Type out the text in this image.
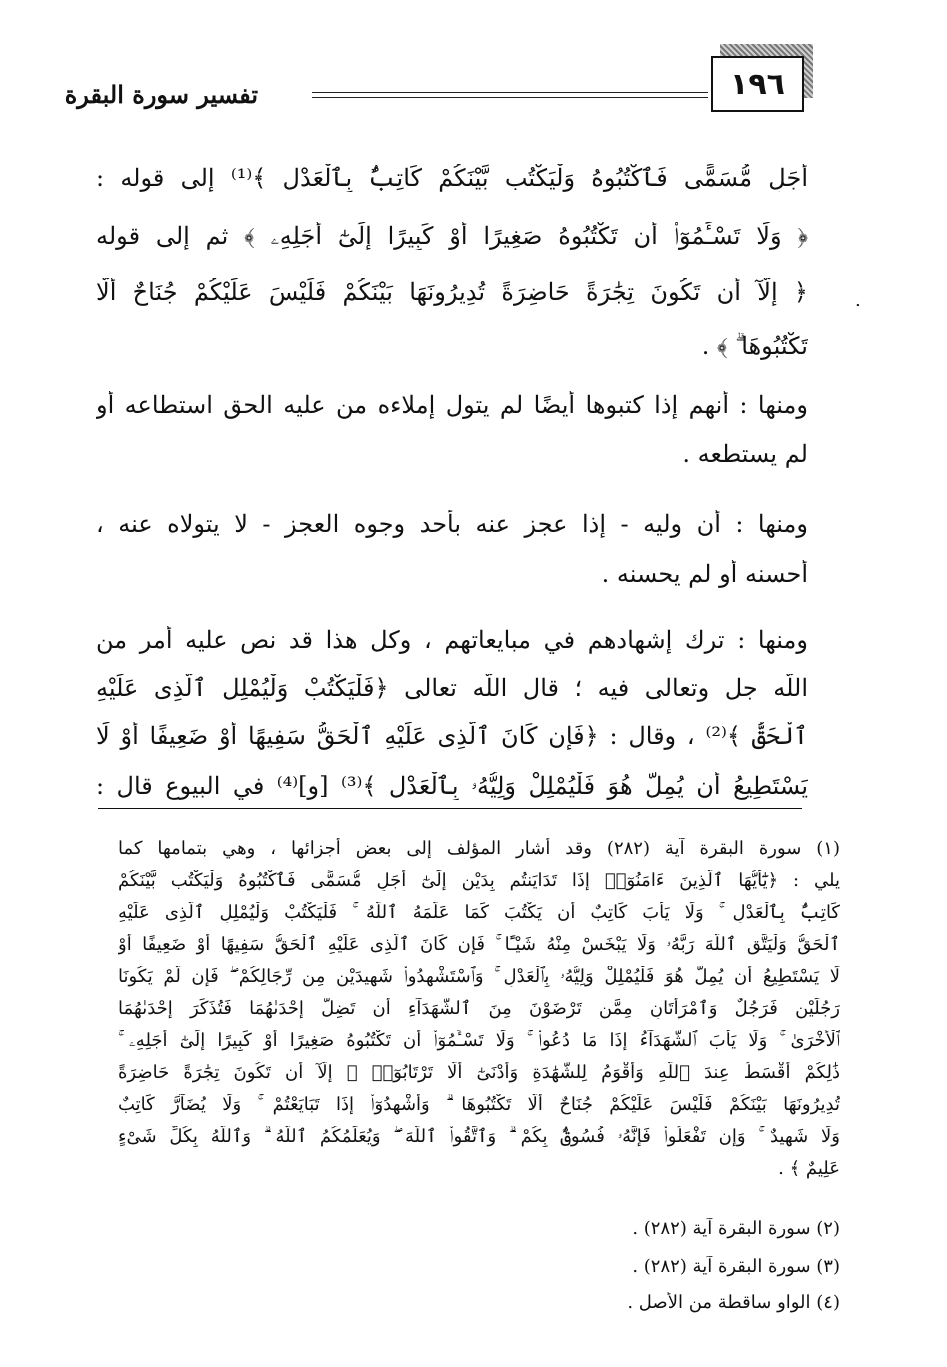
١٩٦
تفسير سورة البقرة
أَجَلٍ مُّسَمًّى فَٱكْتُبُوهُ وَلْيَكْتُب بَّيْنَكُمْ كَاتِبٌۢ بِٱلْعَدْلِ ﴾⁽¹⁾ إلى قوله :
﴿ وَلَا تَسْـَٔمُوٓا۟ أَن تَكْتُبُوهُ صَغِيرًا أَوْ كَبِيرًا إِلَىٰٓ أَجَلِهِۦ ﴾ ثم إلى قوله
﴿ إِلَّآ أَن تَكُونَ تِجَٰرَةً حَاضِرَةً تُدِيرُونَهَا بَيْنَكُمْ فَلَيْسَ عَلَيْكُمْ جُنَاحٌ أَلَّا
تَكْتُبُوهَا ۗ ﴾ .
.
ومنها : أنهم إذا كتبوها أيضًا لم يتول إملاءه من عليه الحق استطاعه أو
لم يستطعه .
ومنها : أن وليه - إذا عجز عنه بأحد وجوه العجز - لا يتولاه عنه ،
أحسنه أو لم يحسنه .
ومنها : ترك إشهادهم في مبايعاتهم ، وكل هذا قد نص عليه أمر من
اللّه جل وتعالى فيه ؛ قال اللّه تعالى ﴿فَلْيَكْتُبْ وَلْيُمْلِلِ ٱلَّذِى عَلَيْهِ
ٱلْحَقُّ ﴾⁽²⁾ ، وقال : ﴿فَإِن كَانَ ٱلَّذِى عَلَيْهِ ٱلْحَقُّ سَفِيهًا أَوْ ضَعِيفًا أَوْ لَا
يَسْتَطِيعُ أَن يُمِلَّ هُوَ فَلْيُمْلِلْ وَلِيُّهُۥ بِٱلْعَدْلِ ﴾⁽³⁾ [و]⁽⁴⁾ في البيوع قال :
(١) سورة البقرة آية (٢٨٢) وقد أشار المؤلف إلى بعض أجزائها ، وهي بتمامها كما
يلي : ﴿يَٰٓأَيُّهَا ٱلَّذِينَ ءَامَنُوٓا۟ إِذَا تَدَايَنتُم بِدَيْنٍ إِلَىٰٓ أَجَلٍ مُّسَمًّى فَٱكْتُبُوهُ وَلْيَكْتُب بَّيْنَكُمْ
كَاتِبٌۢ بِٱلْعَدْلِ ۚ وَلَا يَأْبَ كَاتِبٌ أَن يَكْتُبَ كَمَا عَلَّمَهُ ٱللَّهُ ۚ فَلْيَكْتُبْ وَلْيُمْلِلِ ٱلَّذِى عَلَيْهِ
ٱلْحَقُّ وَلْيَتَّقِ ٱللَّهَ رَبَّهُۥ وَلَا يَبْخَسْ مِنْهُ شَيْـًٔا ۚ فَإِن كَانَ ٱلَّذِى عَلَيْهِ ٱلْحَقُّ سَفِيهًا أَوْ ضَعِيفًا أَوْ
لَا يَسْتَطِيعُ أَن يُمِلَّ هُوَ فَلْيُمْلِلْ وَلِيُّهُۥ بِٱلْعَدْلِ ۚ وَٱسْتَشْهِدُوا۟ شَهِيدَيْنِ مِن رِّجَالِكُمْ ۖ فَإِن لَّمْ يَكُونَا
رَجُلَيْنِ فَرَجُلٌ وَٱمْرَأَتَانِ مِمَّن تَرْضَوْنَ مِنَ ٱلشُّهَدَآءِ أَن تَضِلَّ إِحْدَىٰهُمَا فَتُذَكِّرَ إِحْدَىٰهُمَا
ٱلْأُخْرَىٰ ۚ وَلَا يَأْبَ ٱلشُّهَدَآءُ إِذَا مَا دُعُوا۟ ۚ وَلَا تَسْـَٔمُوٓا۟ أَن تَكْتُبُوهُ صَغِيرًا أَوْ كَبِيرًا إِلَىٰٓ أَجَلِهِۦ ۚ
ذَٰلِكُمْ أَقْسَطُ عِندَ ٱللَّهِ وَأَقْوَمُ لِلشَّهَٰدَةِ وَأَدْنَىٰٓ أَلَّا تَرْتَابُوٓا۟ ۖ إِلَّآ أَن تَكُونَ تِجَٰرَةً حَاضِرَةً
تُدِيرُونَهَا بَيْنَكُمْ فَلَيْسَ عَلَيْكُمْ جُنَاحٌ أَلَّا تَكْتُبُوهَا ۗ وَأَشْهِدُوٓا۟ إِذَا تَبَايَعْتُمْ ۚ وَلَا يُضَآرَّ كَاتِبٌ
وَلَا شَهِيدٌ ۚ وَإِن تَفْعَلُوا۟ فَإِنَّهُۥ فُسُوقٌۢ بِكُمْ ۗ وَٱتَّقُوا۟ ٱللَّهَ ۖ وَيُعَلِّمُكُمُ ٱللَّهُ ۗ وَٱللَّهُ بِكُلِّ شَىْءٍ
عَلِيمٌ ﴾ .
(٢) سورة البقرة آية (٢٨٢) .
(٣) سورة البقرة آية (٢٨٢) .
(٤) الواو ساقطة من الأصل .
